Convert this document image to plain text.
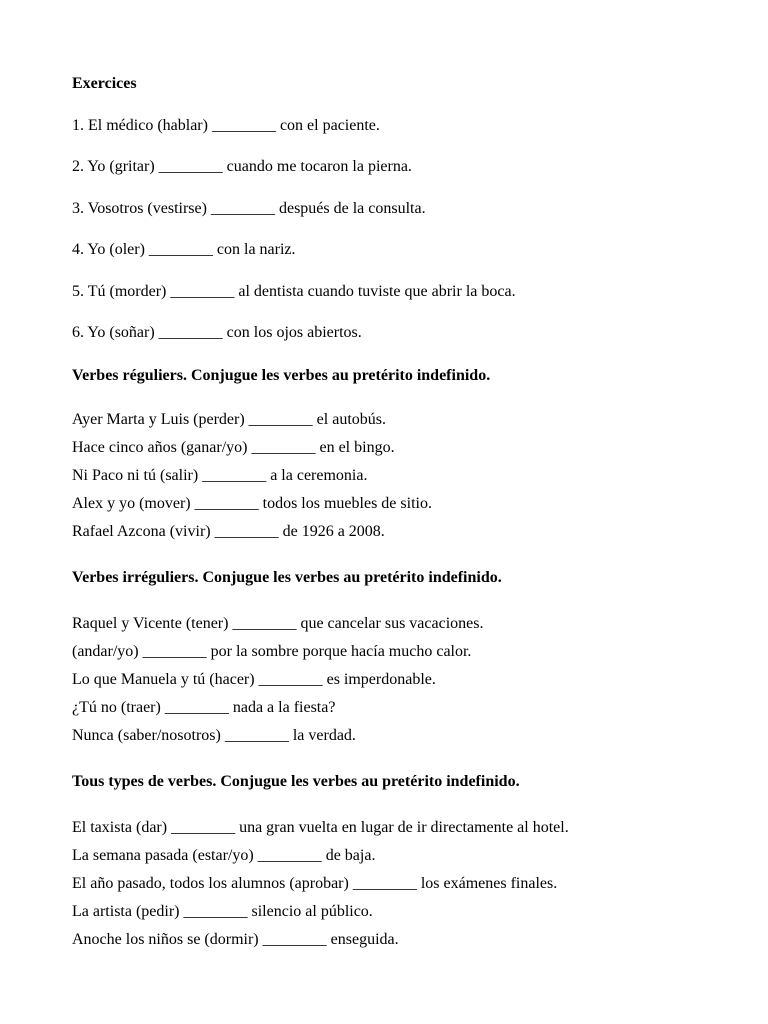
Exercices
1. El médico (hablar) ________ con el paciente.
2. Yo (gritar) ________ cuando me tocaron la pierna.
3. Vosotros (vestirse) ________ después de la consulta.
4. Yo (oler) ________ con la nariz.
5. Tú (morder) ________ al dentista cuando tuviste que abrir la boca.
6. Yo (soñar) ________ con los ojos abiertos.
Verbes réguliers. Conjugue les verbes au pretérito indefinido.
Ayer Marta y Luis (perder) ________ el autobús.
Hace cinco años (ganar/yo) ________ en el bingo.
Ni Paco ni tú (salir) ________ a la ceremonia.
Alex y yo (mover) ________ todos los muebles de sitio.
Rafael Azcona (vivir) ________ de 1926 a 2008.
Verbes irréguliers. Conjugue les verbes au pretérito indefinido.
Raquel y Vicente (tener) ________ que cancelar sus vacaciones.
(andar/yo) ________ por la sombre porque hacía mucho calor.
Lo que Manuela y tú (hacer) ________ es imperdonable.
¿Tú no (traer) ________ nada a la fiesta?
Nunca (saber/nosotros) ________ la verdad.
Tous types de verbes. Conjugue les verbes au pretérito indefinido.
El taxista (dar) ________ una gran vuelta en lugar de ir directamente al hotel.
La semana pasada (estar/yo) ________ de baja.
El año pasado, todos los alumnos (aprobar) ________ los exámenes finales.
La artista (pedir) ________ silencio al público.
Anoche los niños se (dormir) ________ enseguida.
